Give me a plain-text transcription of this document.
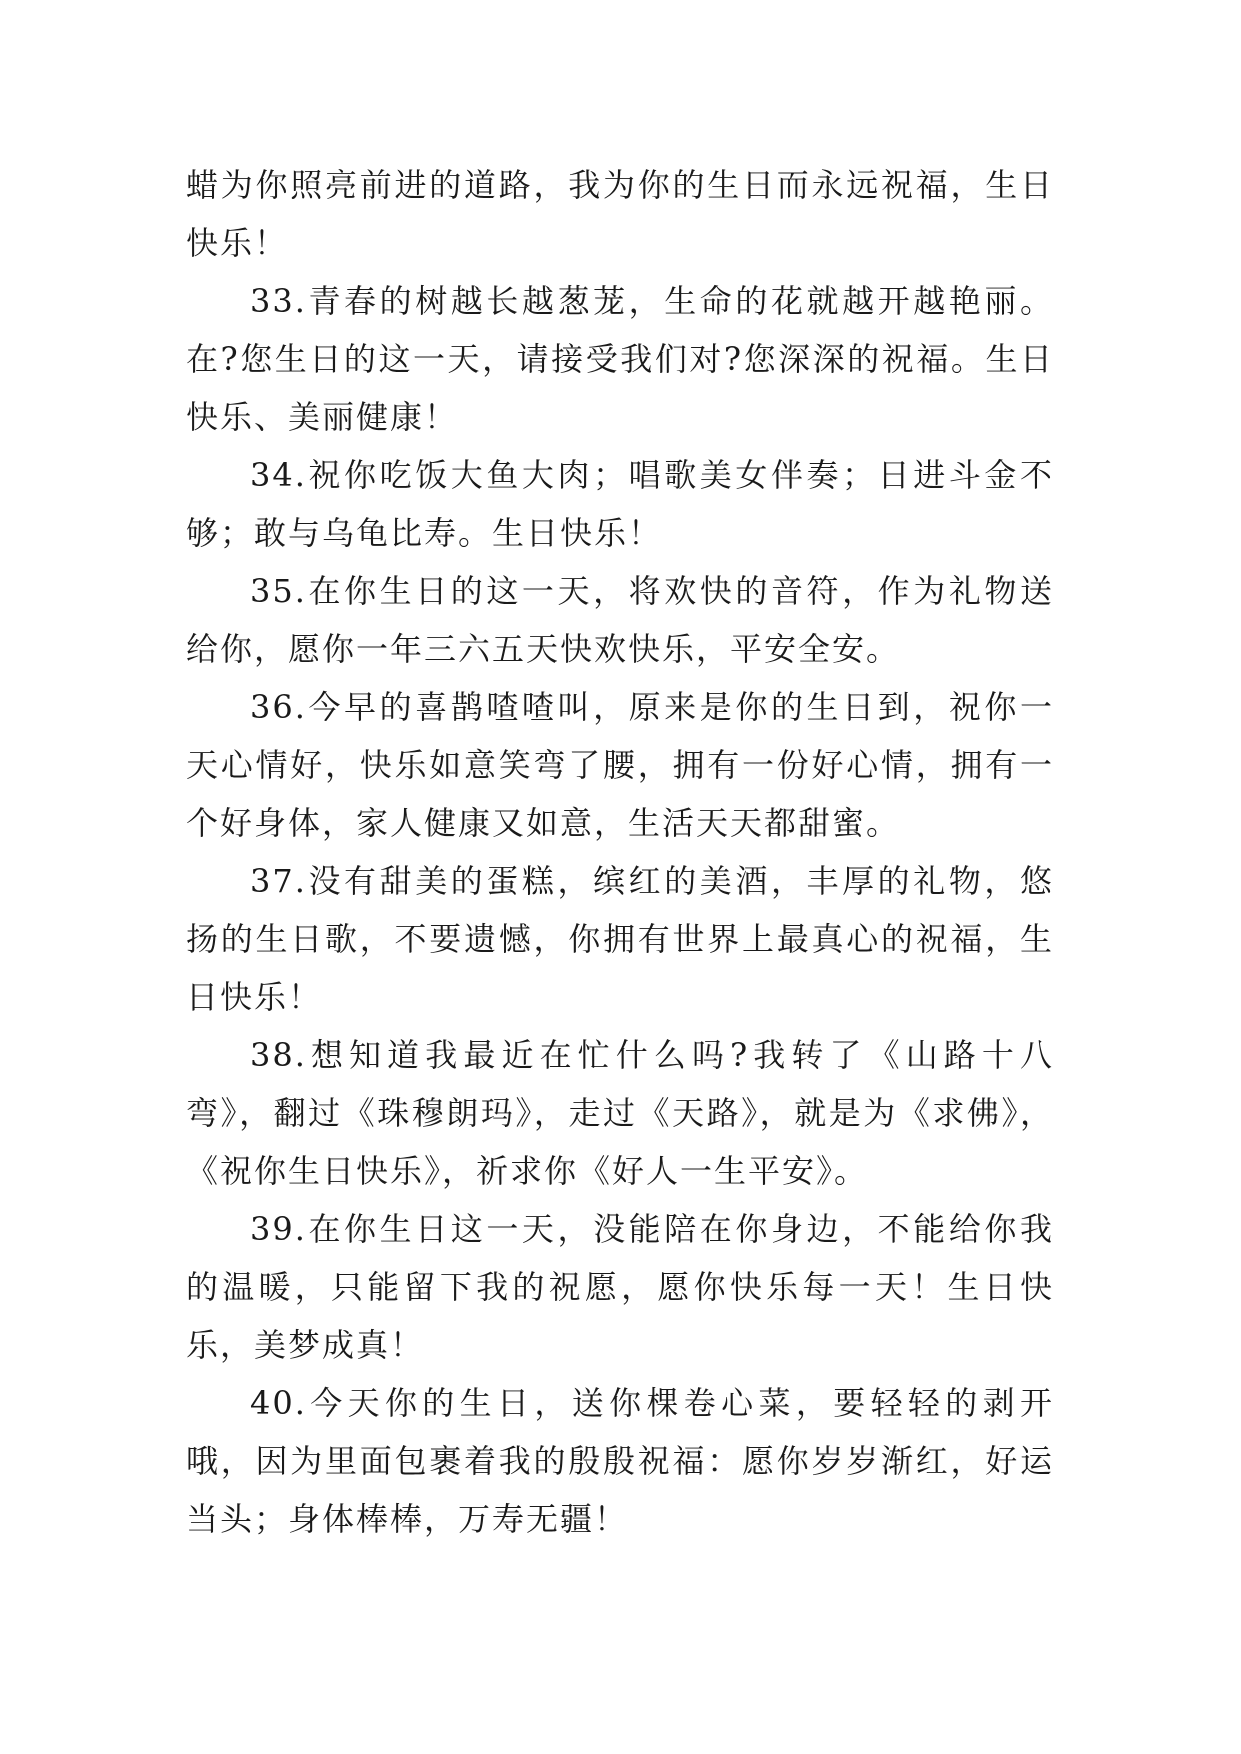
蜡为你照亮前进的道路，我为你的生日而永远祝福，生日快乐！

33.青春的树越长越葱茏，生命的花就越开越艳丽。在?您生日的这一天，请接受我们对?您深深的祝福。生日快乐、美丽健康！

34.祝你吃饭大鱼大肉；唱歌美女伴奏；日进斗金不够；敢与乌龟比寿。生日快乐！

35.在你生日的这一天，将欢快的音符，作为礼物送给你，愿你一年三六五天快欢快乐，平安全安。

36.今早的喜鹊喳喳叫，原来是你的生日到，祝你一天心情好，快乐如意笑弯了腰，拥有一份好心情，拥有一个好身体，家人健康又如意，生活天天都甜蜜。

37.没有甜美的蛋糕，缤红的美酒，丰厚的礼物，悠扬的生日歌，不要遗憾，你拥有世界上最真心的祝福，生日快乐！

38.想知道我最近在忙什么吗?我转了《山路十八弯》，翻过《珠穆朗玛》，走过《天路》，就是为《求佛》，《祝你生日快乐》，祈求你《好人一生平安》。

39.在你生日这一天，没能陪在你身边，不能给你我的温暖，只能留下我的祝愿，愿你快乐每一天！生日快乐，美梦成真！

40.今天你的生日，送你棵卷心菜，要轻轻的剥开哦，因为里面包裹着我的殷殷祝福：愿你岁岁渐红，好运当头；身体棒棒，万寿无疆！
